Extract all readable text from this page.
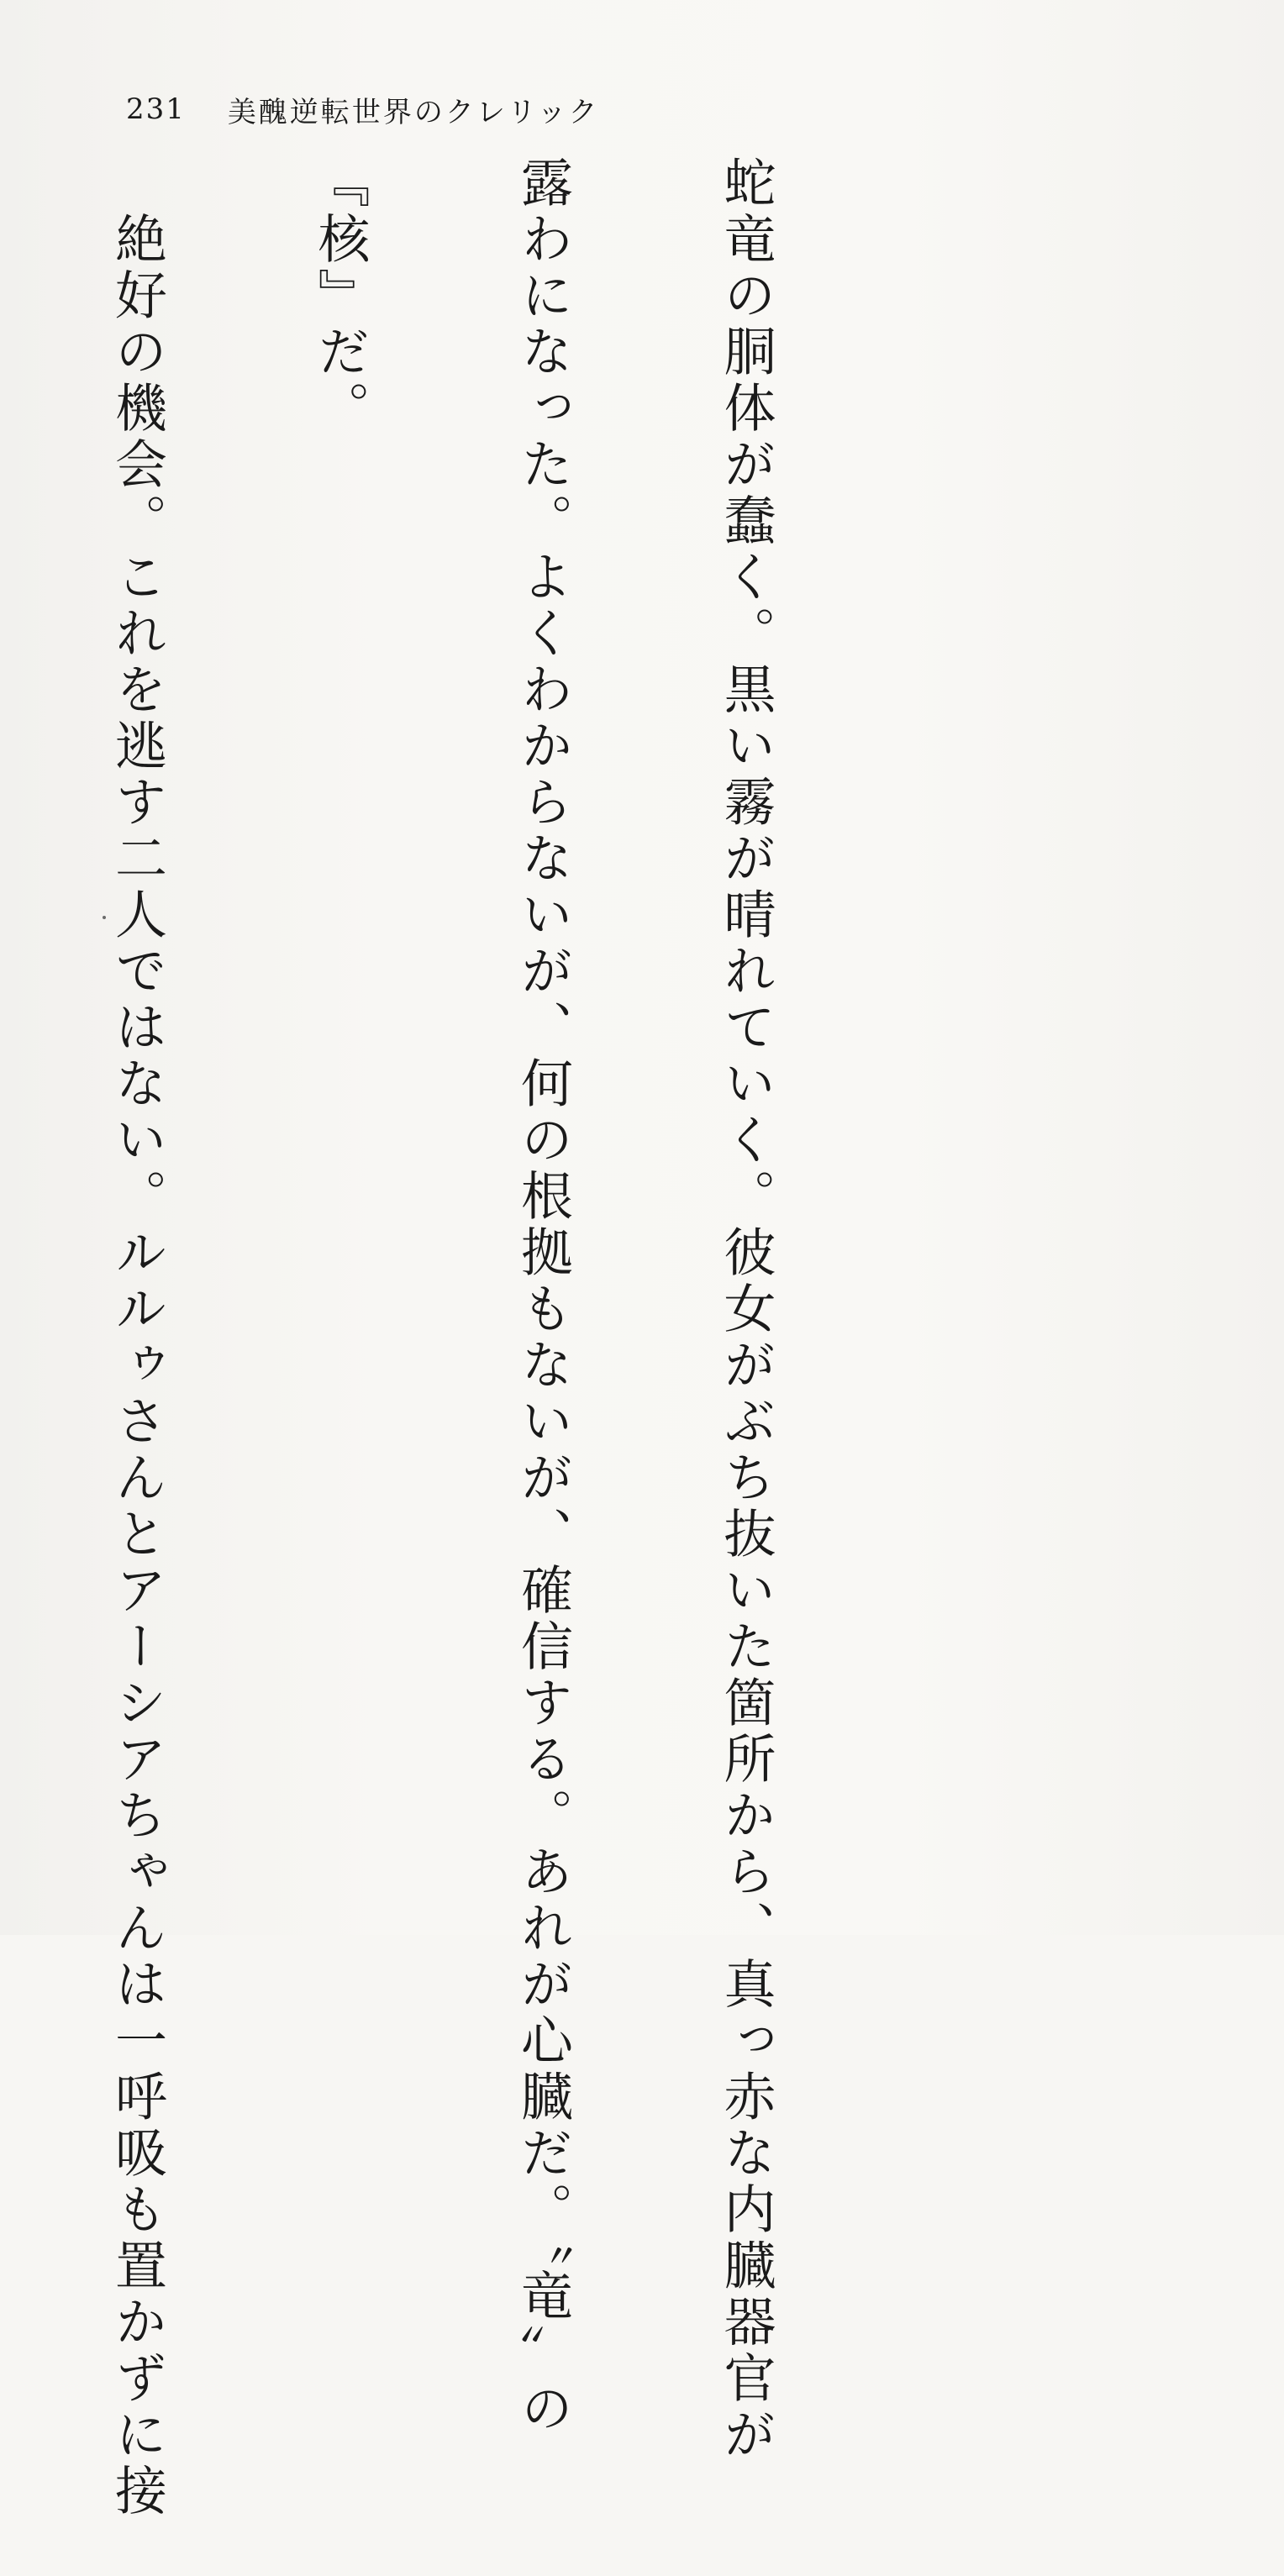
231 美醜逆転世界のクレリック

蛇竜の胴体が蠢く。黒い霧が晴れていく。彼女がぶち抜いた箇所から、真っ赤な内臓器官が

露わになった。よくわからないが、何の根拠もないが、確信する。あれが心臓だ。〝竜〟の

『核』だ。

　絶好の機会。これを逃す二人ではない。ルルゥさんとアーシアちゃんは一呼吸も置かずに接
